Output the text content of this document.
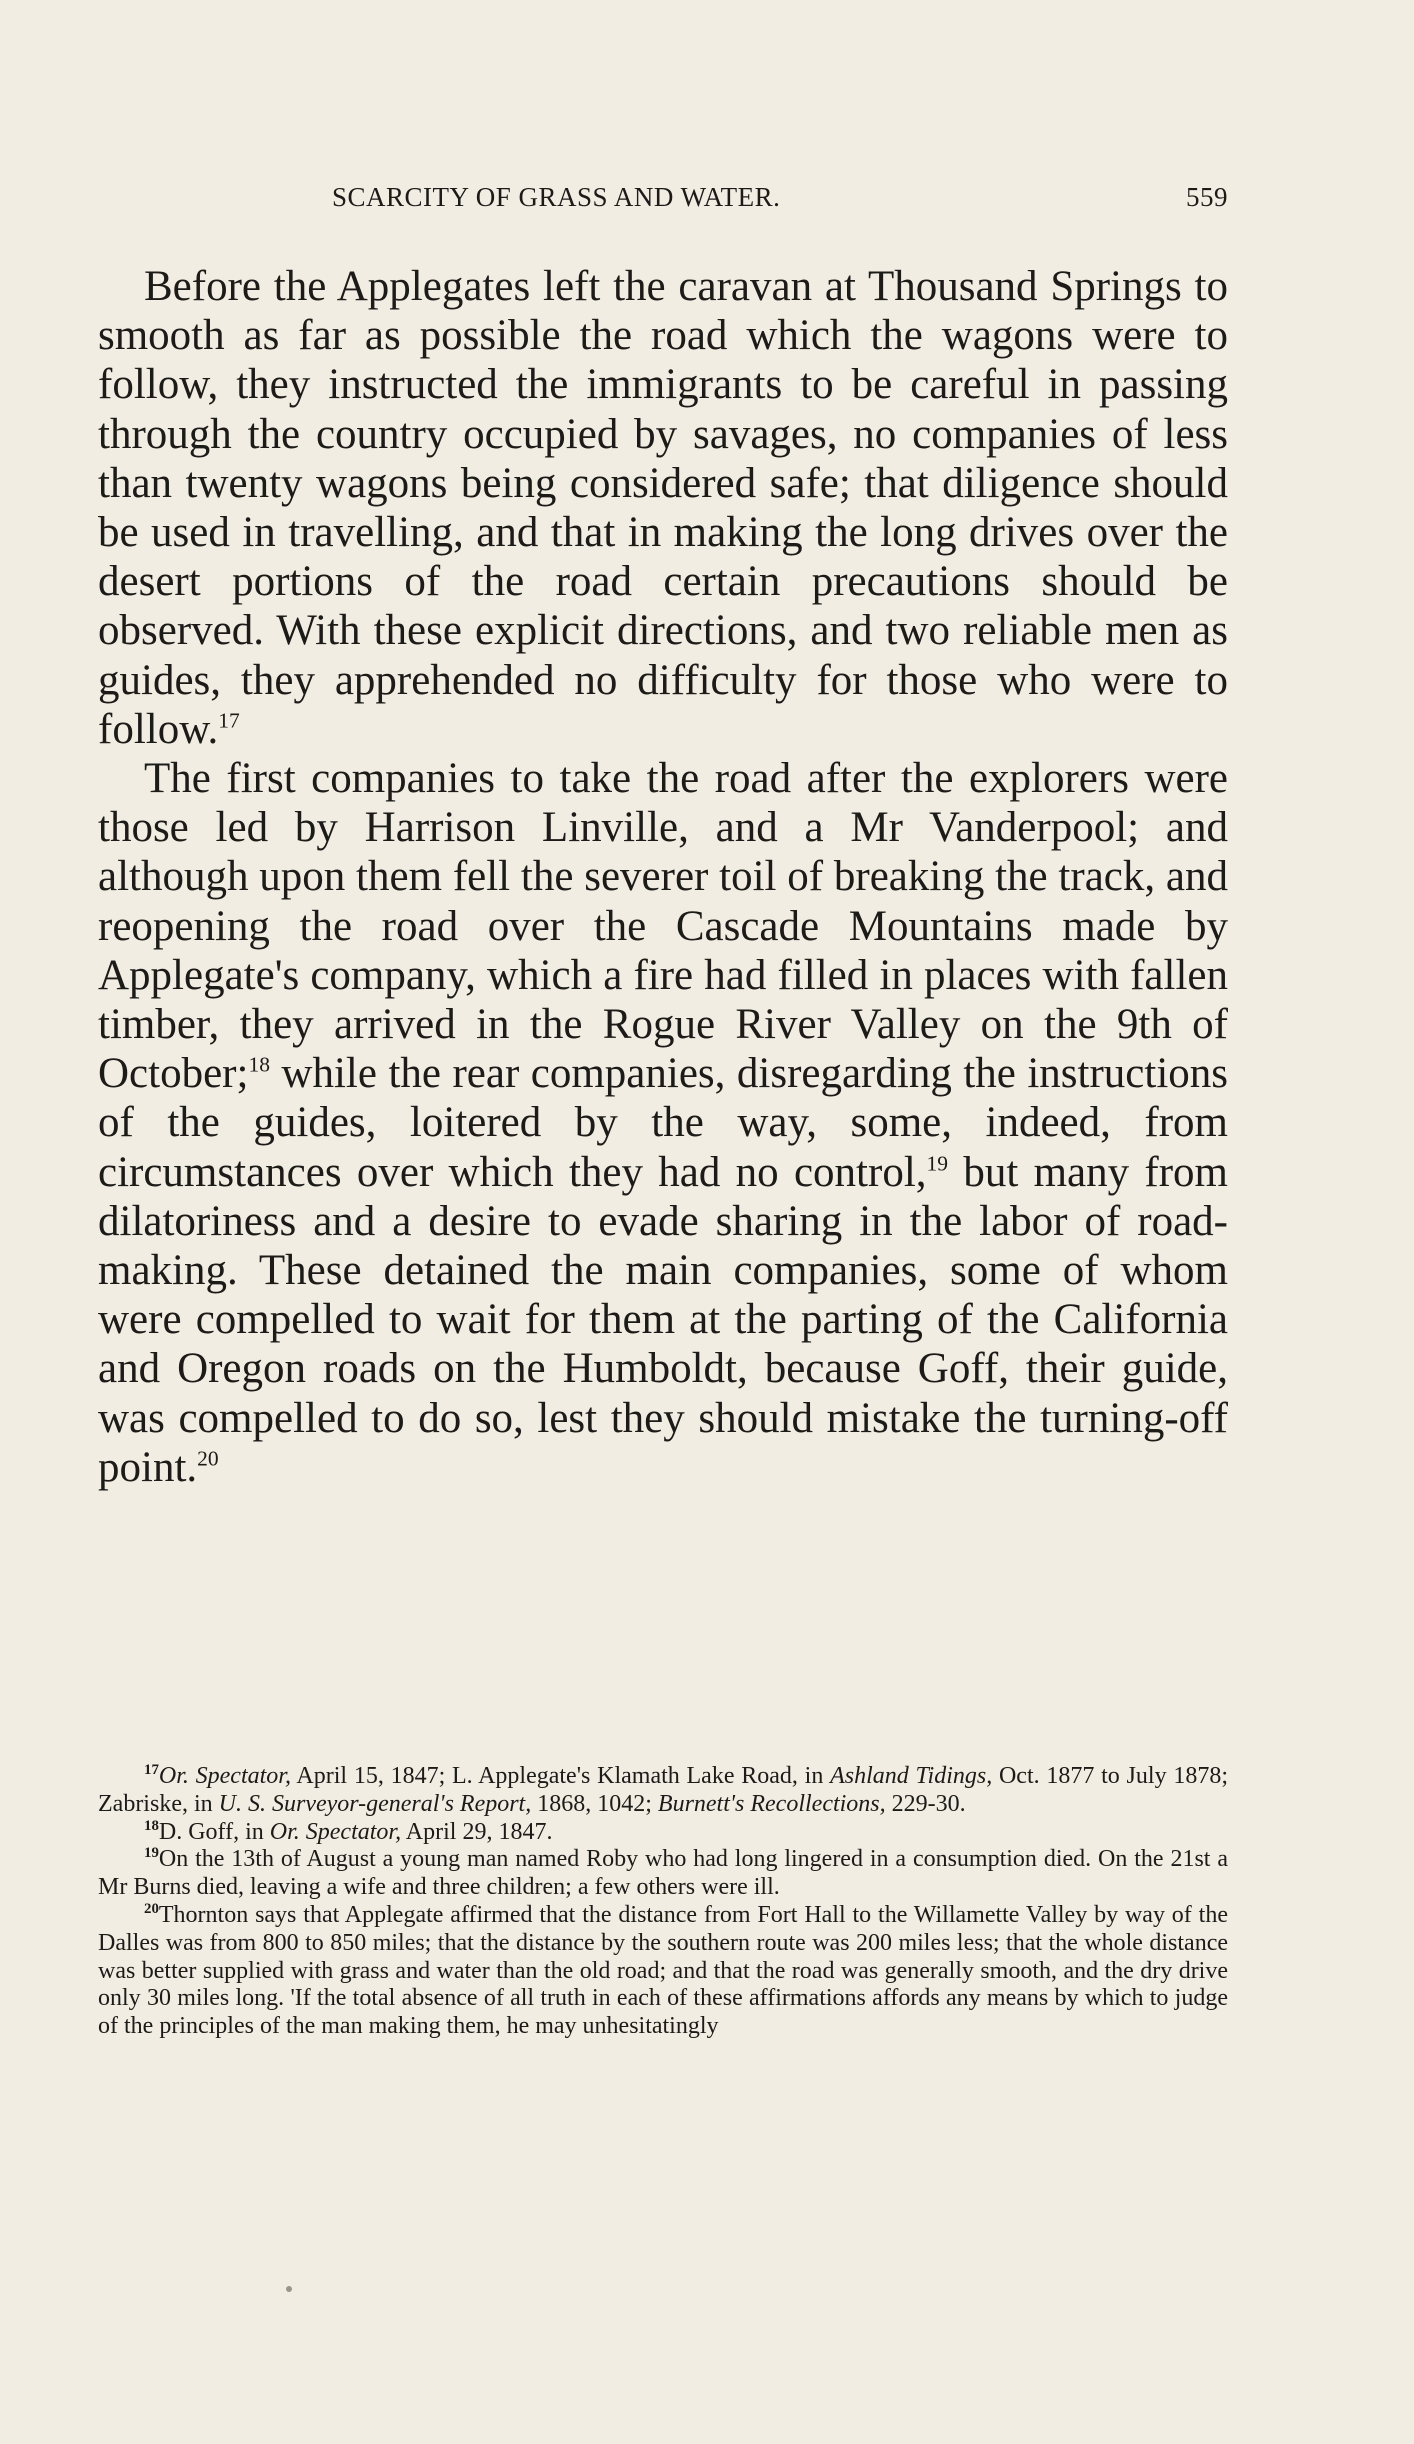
SCARCITY OF GRASS AND WATER.	559

Before the Applegates left the caravan at Thousand Springs to smooth as far as possible the road which the wagons were to follow, they instructed the immigrants to be careful in passing through the country occupied by savages, no companies of less than twenty wagons being considered safe; that diligence should be used in travelling, and that in making the long drives over the desert portions of the road certain precautions should be observed. With these explicit directions, and two reliable men as guides, they apprehended no difficulty for those who were to follow.$^{17}$

The first companies to take the road after the explorers were those led by Harrison Linville, and a Mr Vanderpool; and although upon them fell the severer toil of breaking the track, and reopening the road over the Cascade Mountains made by Applegate's company, which a fire had filled in places with fallen timber, they arrived in the Rogue River Valley on the 9th of October;$^{18}$ while the rear companies, disregarding the instructions of the guides, loitered by the way, some, indeed, from circumstances over which they had no control,$^{19}$ but many from dilatoriness and a desire to evade sharing in the labor of road-making. These detained the main companies, some of whom were compelled to wait for them at the parting of the California and Oregon roads on the Humboldt, because Goff, their guide, was compelled to do so, lest they should mistake the turning-off point.$^{20}$

$^{17}$Or. Spectator, April 15, 1847; L. Applegate's Klamath Lake Road, in Ashland Tidings, Oct. 1877 to July 1878; Zabriske, in U. S. Surveyor-general's Report, 1868, 1042; Burnett's Recollections, 229-30.

$^{18}$D. Goff, in Or. Spectator, April 29, 1847.

$^{19}$On the 13th of August a young man named Roby who had long lingered in a consumption died. On the 21st a Mr Burns died, leaving a wife and three children; a few others were ill.

$^{20}$Thornton says that Applegate affirmed that the distance from Fort Hall to the Willamette Valley by way of the Dalles was from 800 to 850 miles; that the distance by the southern route was 200 miles less; that the whole distance was better supplied with grass and water than the old road; and that the road was generally smooth, and the dry drive only 30 miles long. 'If the total absence of all truth in each of these affirmations affords any means by which to judge of the principles of the man making them, he may unhesitatingly
